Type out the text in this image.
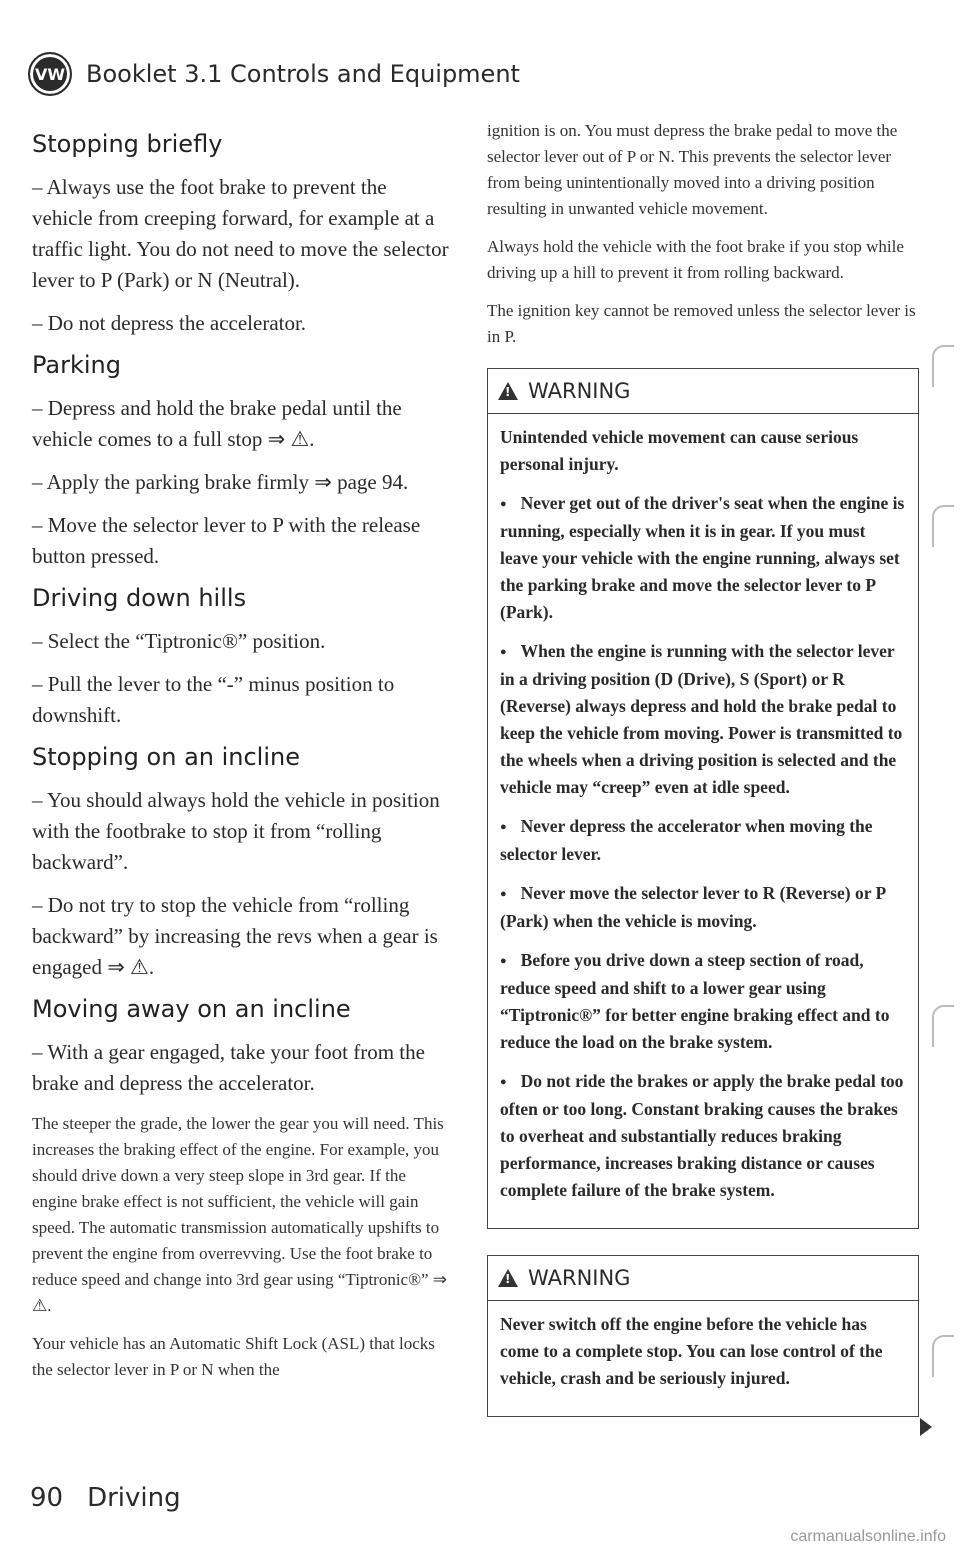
VW Booklet 3.1 Controls and Equipment
Stopping briefly

– Always use the foot brake to prevent the vehicle from creeping forward, for example at a traffic light. You do not need to move the selector lever to P (Park) or N (Neutral).

– Do not depress the accelerator.

Parking

– Depress and hold the brake pedal until the vehicle comes to a full stop ⇒ ⚠.

– Apply the parking brake firmly ⇒ page 94.

– Move the selector lever to P with the release button pressed.

Driving down hills

– Select the “Tiptronic®” position.

– Pull the lever to the “-” minus position to downshift.

Stopping on an incline

– You should always hold the vehicle in position with the footbrake to stop it from “rolling backward”.

– Do not try to stop the vehicle from “rolling backward” by increasing the revs when a gear is engaged ⇒ ⚠.

Moving away on an incline

– With a gear engaged, take your foot from the brake and depress the accelerator.

The steeper the grade, the lower the gear you will need. This increases the braking effect of the engine. For example, you should drive down a very steep slope in 3rd gear. If the engine brake effect is not sufficient, the vehicle will gain speed. The automatic transmission automatically upshifts to prevent the engine from overrevving. Use the foot brake to reduce speed and change into 3rd gear using “Tiptronic®” ⇒ ⚠.

Your vehicle has an Automatic Shift Lock (ASL) that locks the selector lever in P or N when the

ignition is on. You must depress the brake pedal to move the selector lever out of P or N. This prevents the selector lever from being unintentionally moved into a driving position resulting in unwanted vehicle movement.

Always hold the vehicle with the foot brake if you stop while driving up a hill to prevent it from rolling backward.

The ignition key cannot be removed unless the selector lever is in P.

!
WARNING

Unintended vehicle movement can cause serious personal injury.

● Never get out of the driver's seat when the engine is running, especially when it is in gear. If you must leave your vehicle with the engine running, always set the parking brake and move the selector lever to P (Park).
● When the engine is running with the selector lever in a driving position (D (Drive), S (Sport) or R (Reverse) always depress and hold the brake pedal to keep the vehicle from moving. Power is transmitted to the wheels when a driving position is selected and the vehicle may “creep” even at idle speed.
● Never depress the accelerator when moving the selector lever.
● Never move the selector lever to R (Reverse) or P (Park) when the vehicle is moving.
● Before you drive down a steep section of road, reduce speed and shift to a lower gear using “Tiptronic®” for better engine braking effect and to reduce the load on the brake system.
● Do not ride the brakes or apply the brake pedal too often or too long. Constant braking causes the brakes to overheat and substantially reduces braking performance, increases braking distance or causes complete failure of the brake system.
!
WARNING

Never switch off the engine before the vehicle has come to a complete stop. You can lose control of the vehicle, crash and be seriously injured.

90 Driving
carmanualsonline.info
